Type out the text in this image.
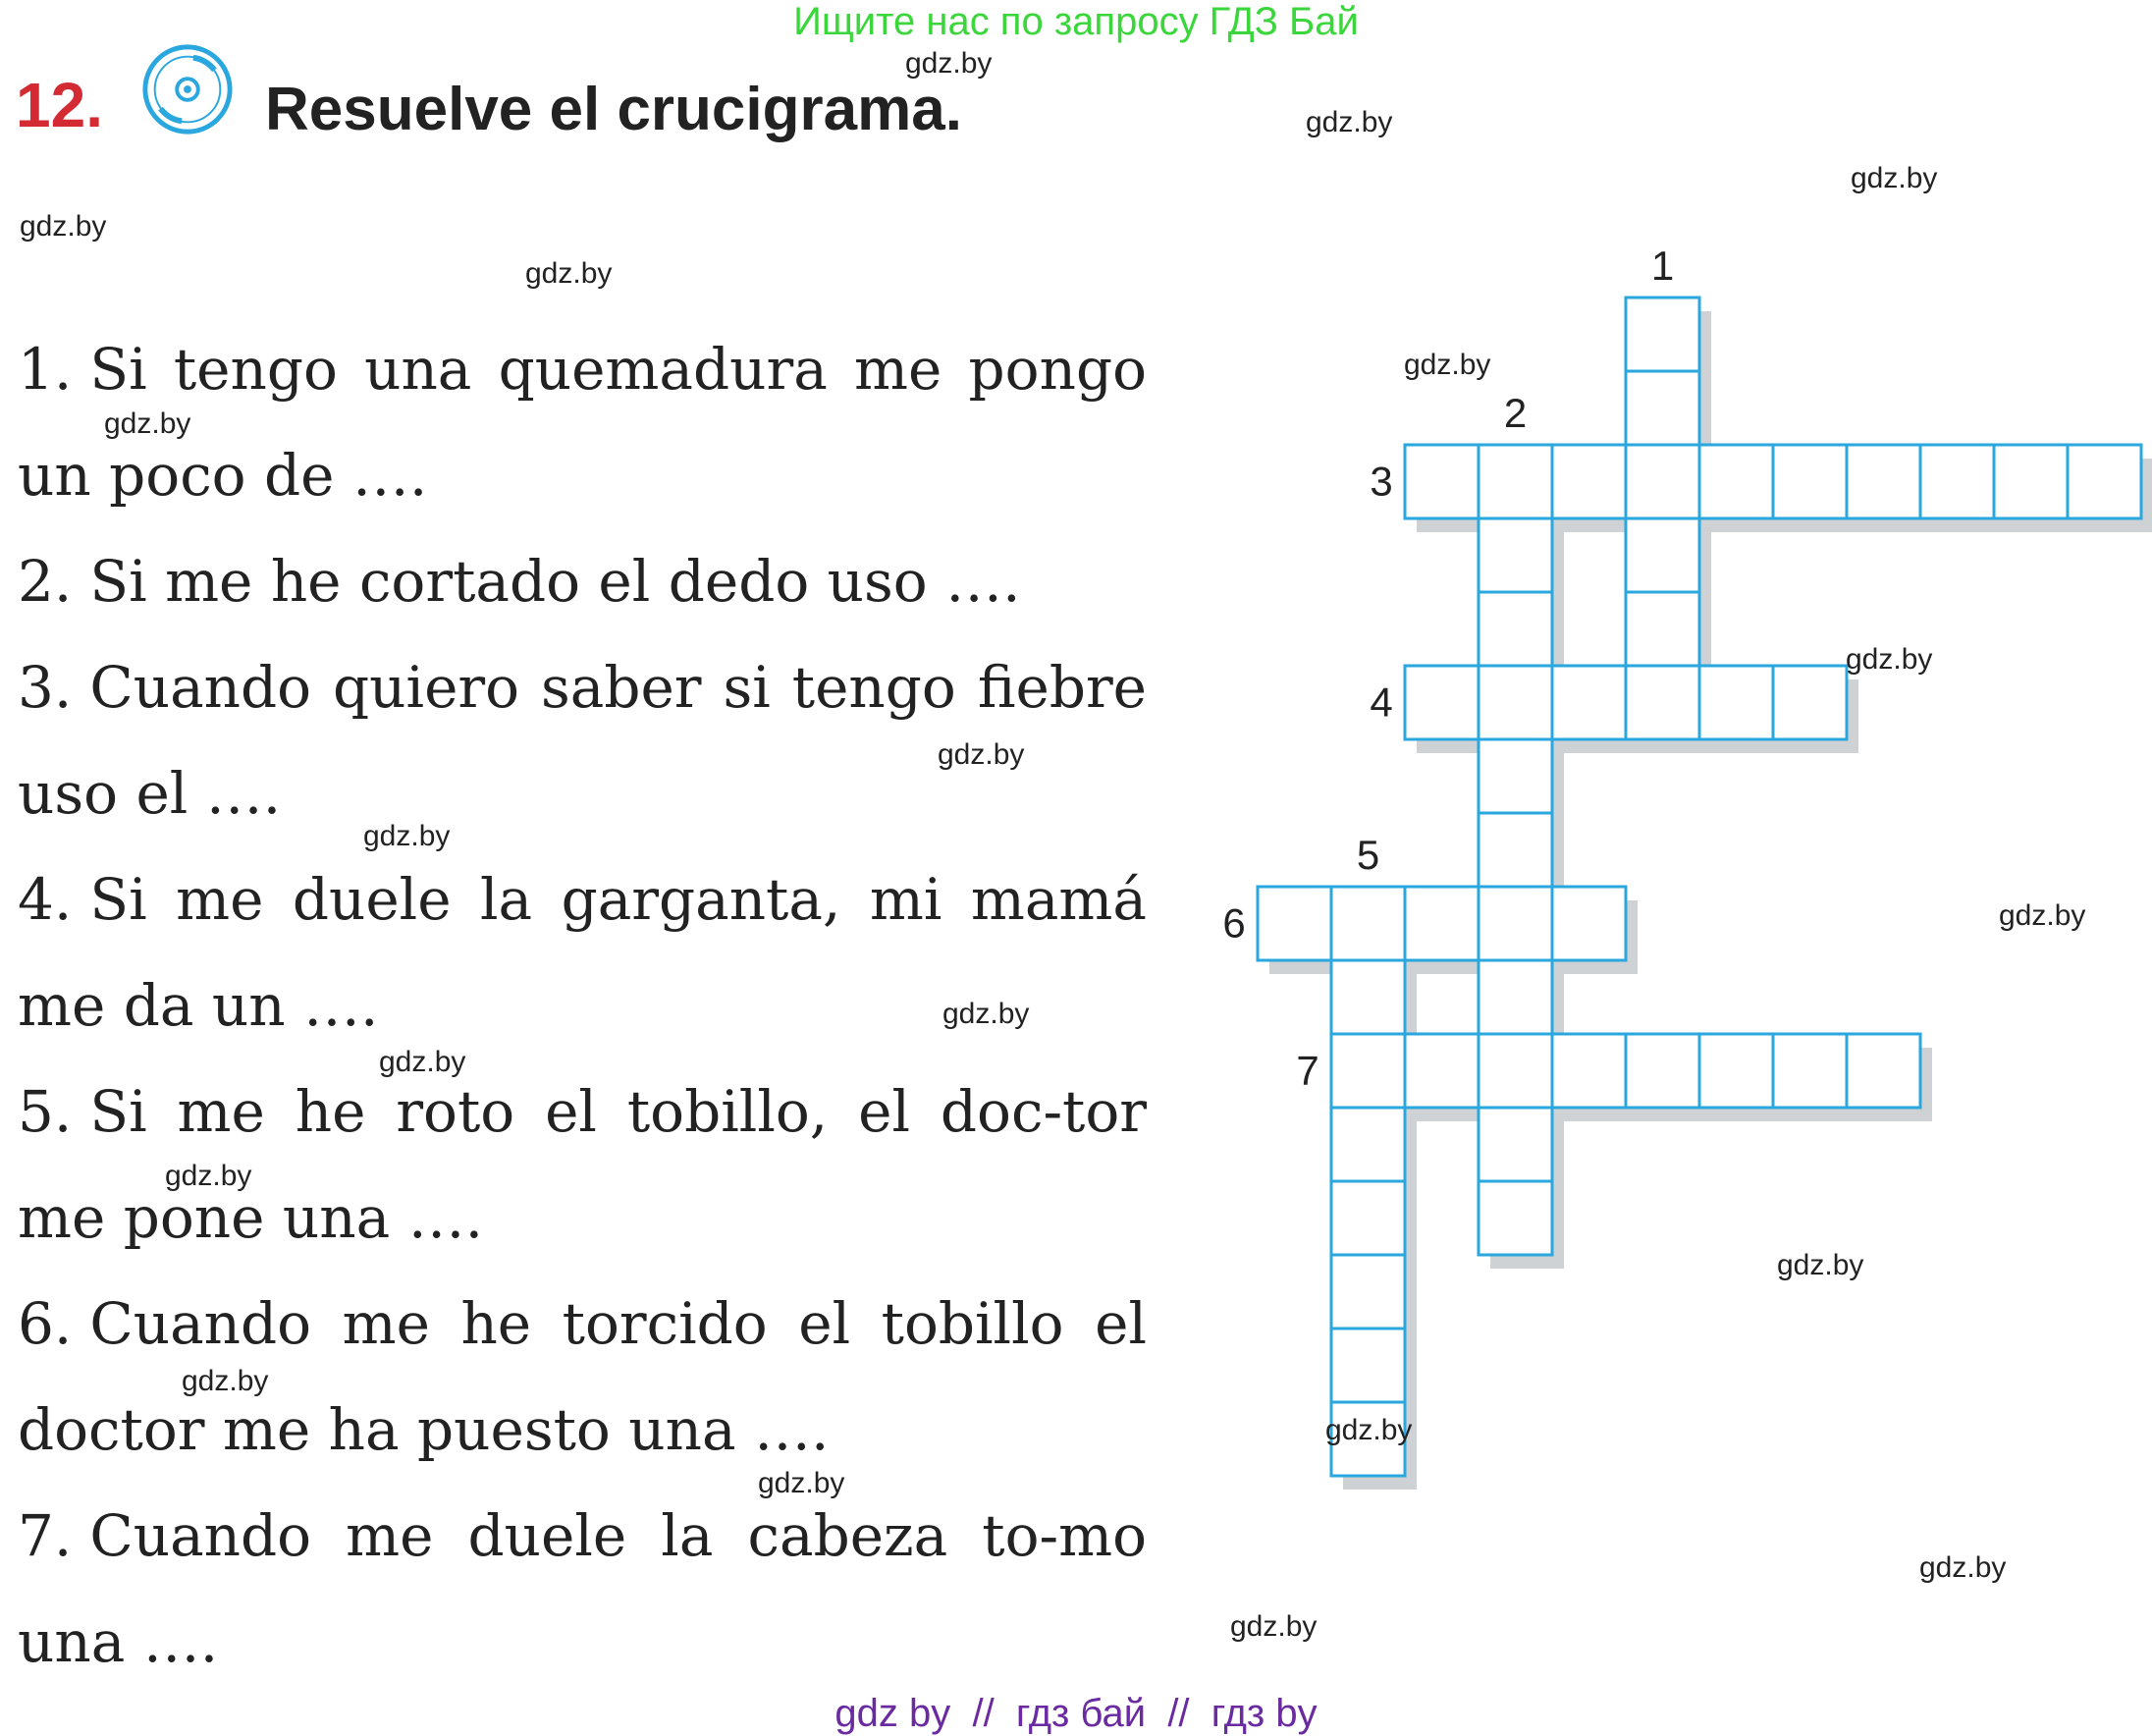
Ищите нас по запросу ГДЗ Бай
12.	Resuelve el crucigrama.
1. Si tengo una quemadura me pongo un poco de ….
2. Si me he cortado el dedo uso ….
3. Cuando quiero saber si tengo fiebre uso el ….
4. Si me duele la garganta, mi mamá me da un ….
5. Si me he roto el tobillo, el doc-tor me pone una ….
6. Cuando me he torcido el tobillo el doctor me ha puesto una ….
7. Cuando me duele la cabeza to-mo una ….
1
2
3
4
5
6
7
gdz.by
gdz.by
gdz.by
gdz.by
gdz.by
gdz.by
gdz.by
gdz.by
gdz.by
gdz.by
gdz.by
gdz.by
gdz.by
gdz.by
gdz.by
gdz.by
gdz.by
gdz.by
gdz.by
gdz.by
gdz by  //  гдз бай  //  гдз by
